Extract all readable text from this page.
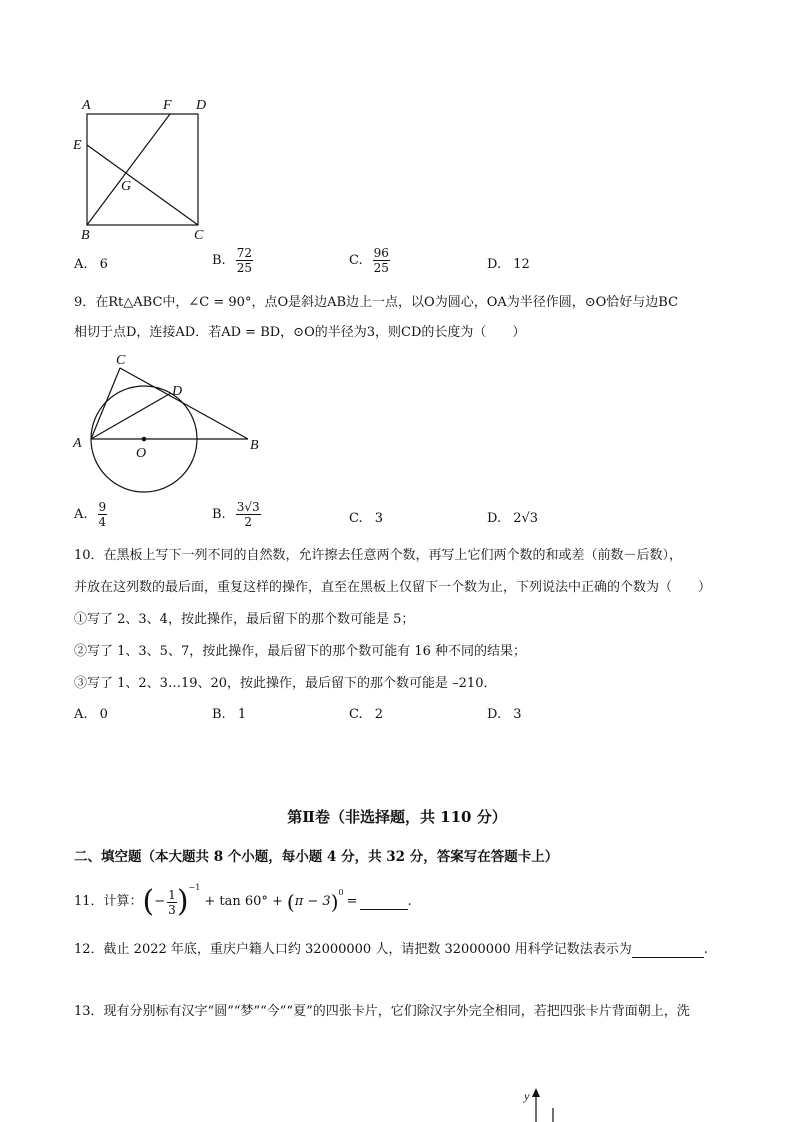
A	F D
E
G
B	C
A. 6	B. $\frac{72}{25}$	C. $\frac{96}{25}$	D. 12
9．在Rt△ABC中，∠C = 90°，点O是斜边AB边上一点，以O为圆心，OA为半径作圆，⊙O恰好与边BC
相切于点D，连接AD．若AD = BD，⊙O的半径为3，则CD的长度为（　　）
C
D
A
O
B
A. $\frac{9}{4}$	B. $\frac{3√3}{2}$	C. 3	D. 2√3
10．在黑板上写下一列不同的自然数，允许擦去任意两个数，再写上它们两个数的和或差（前数－后数），
并放在这列数的最后面，重复这样的操作，直至在黑板上仅留下一个数为止，下列说法中正确的个数为（　　）
①写了 2、3、4，按此操作，最后留下的那个数可能是 5；
②写了 1、3、5、7，按此操作，最后留下的那个数可能有 16 种不同的结果；
③写了 1、2、3…19、20，按此操作，最后留下的那个数可能是 –210．
A. 0	B. 1	C. 2	D. 3
第Ⅱ卷（非选择题，共 110 分）
二、填空题（本大题共 8 个小题，每小题 4 分，共 32 分，答案写在答题卡上）
11．计算： ( − $\frac{1}{3}$ ) −1
+ tan 60° + ( π − 3 ) 0
=	.
12．截止 2022 年底，重庆户籍人口约 32000000 人，请把数 32000000 用科学记数法表示为	.
13．现有分别标有汉字“圆”“梦”“今”“夏”的四张卡片，它们除汉字外完全相同，若把四张卡片背面朝上，洗
y
